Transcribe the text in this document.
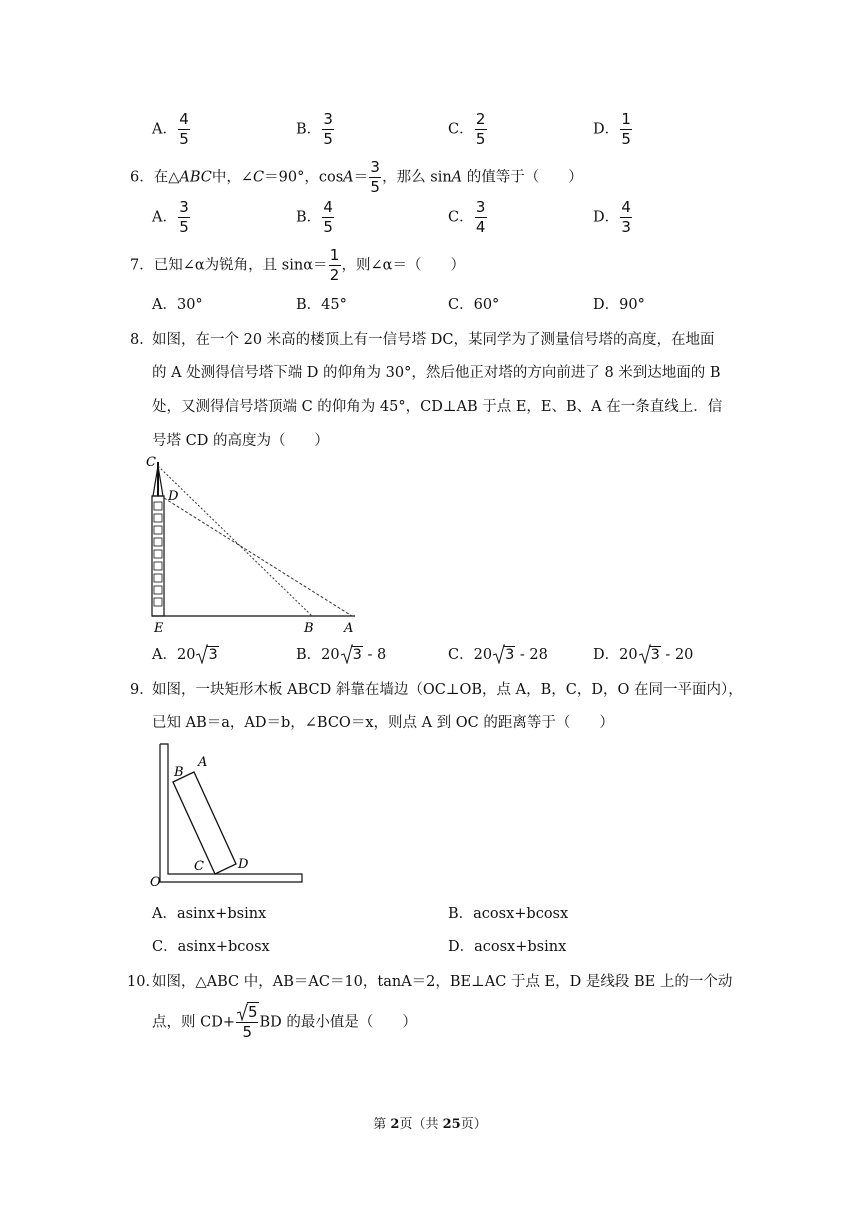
A． $\frac{4}{5}$	B． $\frac{3}{5}$	C． $\frac{2}{5}$	D． $\frac{1}{5}$
6．在△ABC中，∠C＝90°，$\cos A= \frac{3}{5}$ ，那么 sinA 的值等于（　　）
A． $\frac{3}{5}$	B． $\frac{4}{5}$	C． $\frac{3}{4}$	D． $\frac{4}{3}$
7．已知∠α为锐角，且 $\sin\alpha= \frac{1}{2}$ ，则∠α＝（　　）
A．30°	B．45°	C．60°	D．90°
8．
如图，在一个 20 米高的楼顶上有一信号塔 DC，某同学为了测量信号塔的高度，在地面
的 A 处测得信号塔下端 D 的仰角为 30°，然后他正对塔的方向前进了 8 米到达地面的 B
处，又测得信号塔顶端 C 的仰角为 45°，CD⊥AB 于点 E，E、B、A 在一条直线上．信
号塔 CD 的高度为（　　）
C
D
E	B A
A．20 3	B．20 3 - 8	C．20 3 - 28	D．20 3 - 20
9．
如图，一块矩形木板 ABCD 斜靠在墙边（OC⊥OB，点 A，B，C，D，O 在同一平面内），
已知 AB＝a，AD＝b，∠BCO＝x，则点 A 到 OC 的距离等于（　　）
B
A
C	D
O
A．asinx+bsinx	B．acosx+bcosx
C．asinx+bcosx	D．acosx+bsinx
10．
如图，△ABC 中，AB＝AC＝10，tanA＝2，BE⊥AC 于点 E，D 是线段 BE 上的一个动
点，则 $CD+ \frac{5}{5}$ BD 的最小值是（　　）
第 2页（共 25页）
